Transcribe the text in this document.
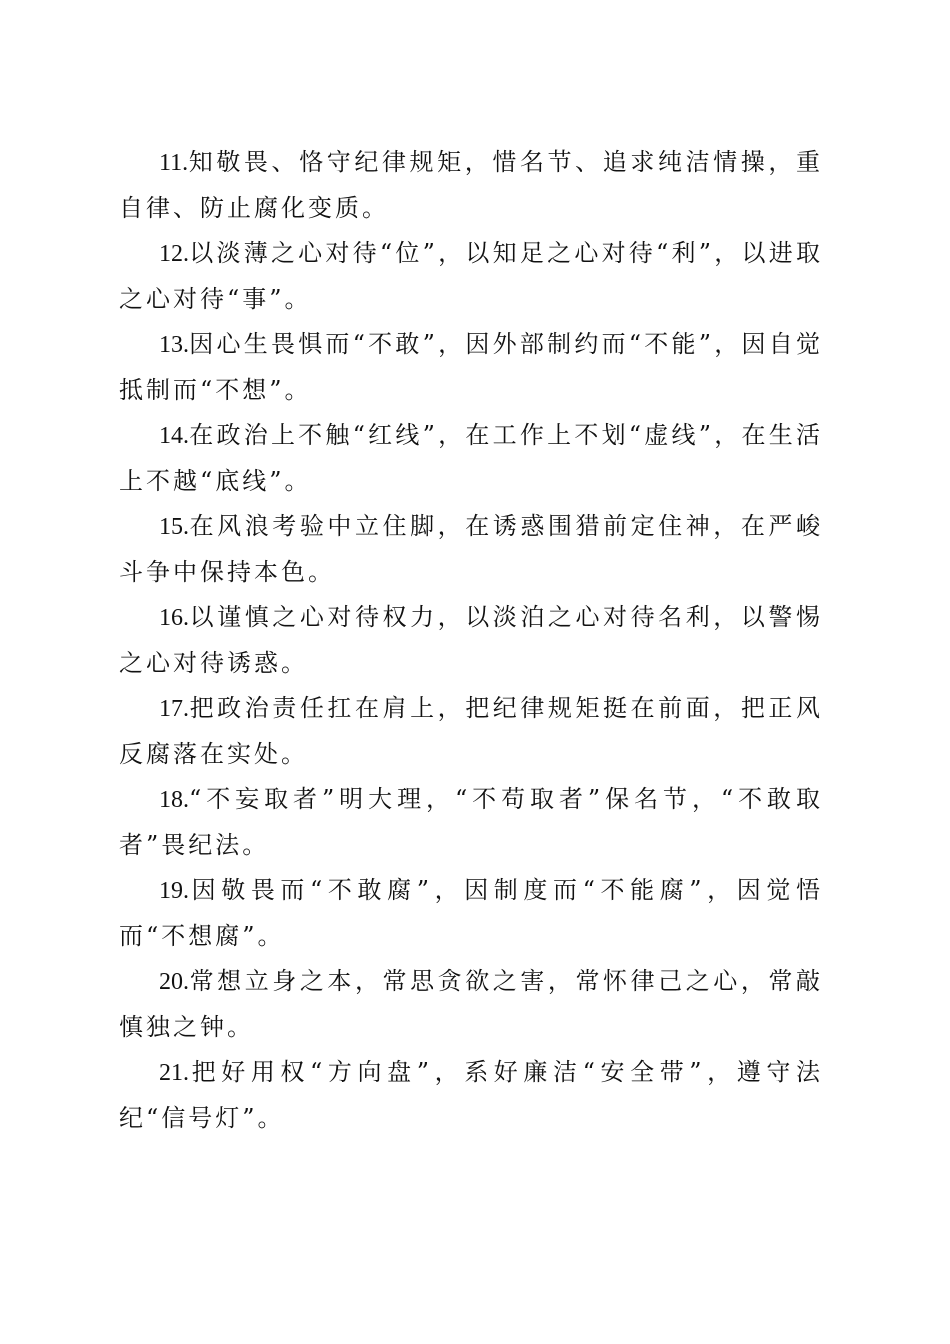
11.知敬畏、恪守纪律规矩，惜名节、追求纯洁情操，重自律、防止腐化变质。

12.以淡薄之心对待“位”，以知足之心对待“利”，以进取之心对待“事”。

13.因心生畏惧而“不敢”，因外部制约而“不能”，因自觉抵制而“不想”。

14.在政治上不触“红线”，在工作上不划“虚线”，在生活上不越“底线”。

15.在风浪考验中立住脚，在诱惑围猎前定住神，在严峻斗争中保持本色。

16.以谨慎之心对待权力，以淡泊之心对待名利，以警惕之心对待诱惑。

17.把政治责任扛在肩上，把纪律规矩挺在前面，把正风反腐落在实处。

18.“不妄取者”明大理，“不苟取者”保名节，“不敢取者”畏纪法。

19.因敬畏而“不敢腐”，因制度而“不能腐”，因觉悟而“不想腐”。

20.常想立身之本，常思贪欲之害，常怀律己之心，常敲慎独之钟。

21.把好用权“方向盘”，系好廉洁“安全带”，遵守法纪“信号灯”。
